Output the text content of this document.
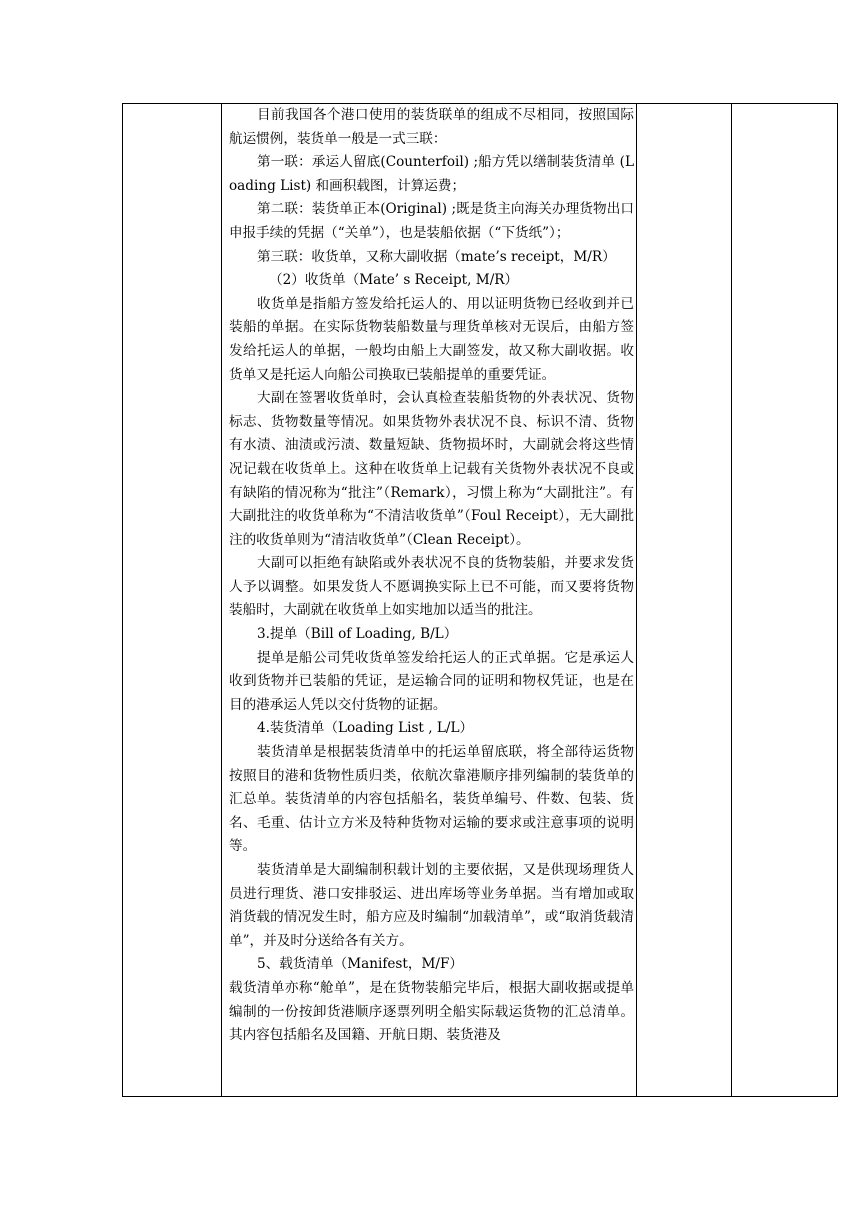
目前我国各个港口使用的装货联单的组成不尽相同，按照国际航运惯例，装货单一般是一式三联：

第一联：承运人留底(Counterfoil) ;船方凭以缮制装货清单 (Loading List) 和画积载图，计算运费；

第二联：装货单正本(Original) ;既是货主向海关办理货物出口申报手续的凭据（“关单”），也是装船依据（“下货纸”）；

第三联：收货单，又称大副收据（mate’s receipt，M/R）

（2）收货单（Mate’ s Receipt, M/R）

收货单是指船方签发给托运人的、用以证明货物已经收到并已装船的单据。在实际货物装船数量与理货单核对无误后，由船方签发给托运人的单据，一般均由船上大副签发，故又称大副收据。收货单又是托运人向船公司换取已装船提单的重要凭证。

大副在签署收货单时，会认真检查装船货物的外表状况、货物标志、货物数量等情况。如果货物外表状况不良、标识不清、货物有水渍、油渍或污渍、数量短缺、货物损坏时，大副就会将这些情况记载在收货单上。这种在收货单上记载有关货物外表状况不良或有缺陷的情况称为“批注”（Remark），习惯上称为“大副批注”。有大副批注的收货单称为“不清洁收货单”（Foul Receipt），无大副批注的收货单则为“清洁收货单”（Clean Receipt）。

大副可以拒绝有缺陷或外表状况不良的货物装船，并要求发货人予以调整。如果发货人不愿调换实际上已不可能，而又要将货物装船时，大副就在收货单上如实地加以适当的批注。

3.提单（Bill of Loading, B/L）

提单是船公司凭收货单签发给托运人的正式单据。它是承运人收到货物并已装船的凭证，是运输合同的证明和物权凭证，也是在目的港承运人凭以交付货物的证据。

4.装货清单（Loading List , L/L）

装货清单是根据装货清单中的托运单留底联，将全部待运货物按照目的港和货物性质归类，依航次靠港顺序排列编制的装货单的汇总单。装货清单的内容包括船名，装货单编号、件数、包装、货名、毛重、估计立方米及特种货物对运输的要求或注意事项的说明等。

装货清单是大副编制积载计划的主要依据，又是供现场理货人员进行理货、港口安排驳运、进出库场等业务单据。当有增加或取消货载的情况发生时，船方应及时编制“加载清单”，或“取消货载清单”，并及时分送给各有关方。

5、载货清单（Manifest，M/F）

载货清单亦称“舱单”，是在货物装船完毕后，根据大副收据或提单编制的一份按卸货港顺序逐票列明全船实际载运货物的汇总清单。其内容包括船名及国籍、开航日期、装货港及
